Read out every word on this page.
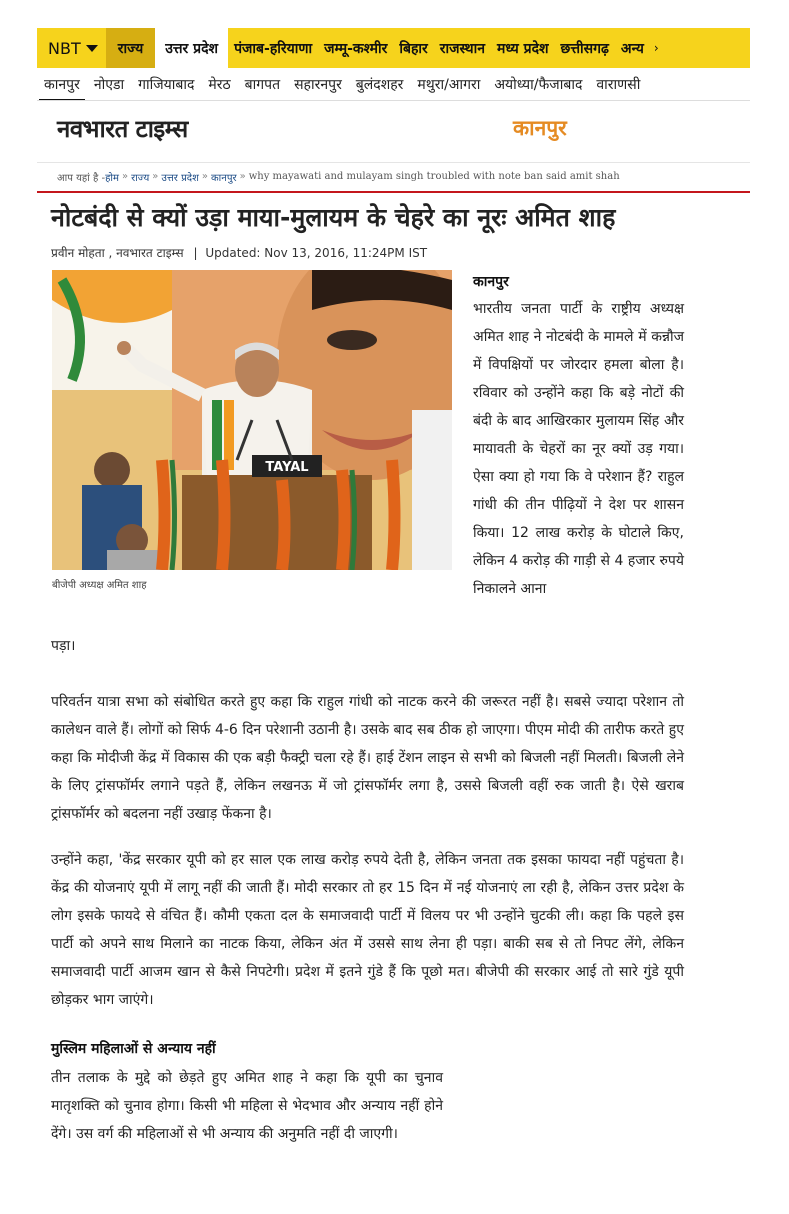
NBT	राज्य	उत्तर प्रदेश	पंजाब-हरियाणा जम्मू-कश्मीर बिहार राजस्थान मध्य प्रदेश छत्तीसगढ़ अन्य ›
कानपुर	नोएडा	गाजियाबाद	मेरठ	बागपत	सहारनपुर	बुलंदशहर	मथुरा/आगरा	अयोध्या/फैजाबाद	वाराणसी
नवभारत टाइम्स	कानपुर
आप यहां है - होम » राज्य » उत्तर प्रदेश » कानपुर » why mayawati and mulayam singh troubled with note ban said amit shah
नोटबंदी से क्यों उड़ा माया-मुलायम के चेहरे का नूरः अमित शाह
प्रवीन मोहता , नवभारत टाइम्स | Updated: Nov 13, 2016, 11:24PM IST
TAYAL
बीजेपी अध्यक्ष अमित शाह
कानपुर

भारतीय जनता पार्टी के राष्ट्रीय अध्यक्ष अमित शाह ने नोटबंदी के मामले में कन्नौज में विपक्षियों पर जोरदार हमला बोला है। रविवार को उन्होंने कहा कि बड़े नोटों की बंदी के बाद आखिरकार मुलायम सिंह और मायावती के चेहरों का नूर क्यों उड़ गया। ऐसा क्या हो गया कि वे परेशान हैं? राहुल गांधी की तीन पीढ़ियों ने देश पर शासन किया। 12 लाख करोड़ के घोटाले किए, लेकिन 4 करोड़ की गाड़ी से 4 हजार रुपये निकालने आना

पड़ा।

परिवर्तन यात्रा सभा को संबोधित करते हुए कहा कि राहुल गांधी को नाटक करने की जरूरत नहीं है। सबसे ज्यादा परेशान तो कालेधन वाले हैं। लोगों को सिर्फ 4-6 दिन परेशानी उठानी है। उसके बाद सब ठीक हो जाएगा। पीएम मोदी की तारीफ करते हुए कहा कि मोदीजी केंद्र में विकास की एक बड़ी फैक्ट्री चला रहे हैं। हाई टेंशन लाइन से सभी को बिजली नहीं मिलती। बिजली लेने के लिए ट्रांसफॉर्मर लगाने पड़ते हैं, लेकिन लखनऊ में जो ट्रांसफॉर्मर लगा है, उससे बिजली वहीं रुक जाती है। ऐसे खराब ट्रांसफॉर्मर को बदलना नहीं उखाड़ फेंकना है।

उन्होंने कहा, 'केंद्र सरकार यूपी को हर साल एक लाख करोड़ रुपये देती है, लेकिन जनता तक इसका फायदा नहीं पहुंचता है। केंद्र की योजनाएं यूपी में लागू नहीं की जाती हैं। मोदी सरकार तो हर 15 दिन में नई योजनाएं ला रही है, लेकिन उत्तर प्रदेश के लोग इसके फायदे से वंचित हैं। कौमी एकता दल के समाजवादी पार्टी में विलय पर भी उन्होंने चुटकी ली। कहा कि पहले इस पार्टी को अपने साथ मिलाने का नाटक किया, लेकिन अंत में उससे साथ लेना ही पड़ा। बाकी सब से तो निपट लेंगे, लेकिन समाजवादी पार्टी आजम खान से कैसे निपटेगी। प्रदेश में इतने गुंडे हैं कि पूछो मत। बीजेपी की सरकार आई तो सारे गुंडे यूपी छोड़कर भाग जाएंगे।

मुस्लिम महिलाओं से अन्याय नहीं

तीन तलाक के मुद्दे को छेड़ते हुए अमित शाह ने कहा कि यूपी का चुनाव मातृशक्ति को चुनाव होगा। किसी भी महिला से भेदभाव और अन्याय नहीं होने देंगे। उस वर्ग की महिलाओं से भी अन्याय की अनुमति नहीं दी जाएगी।
